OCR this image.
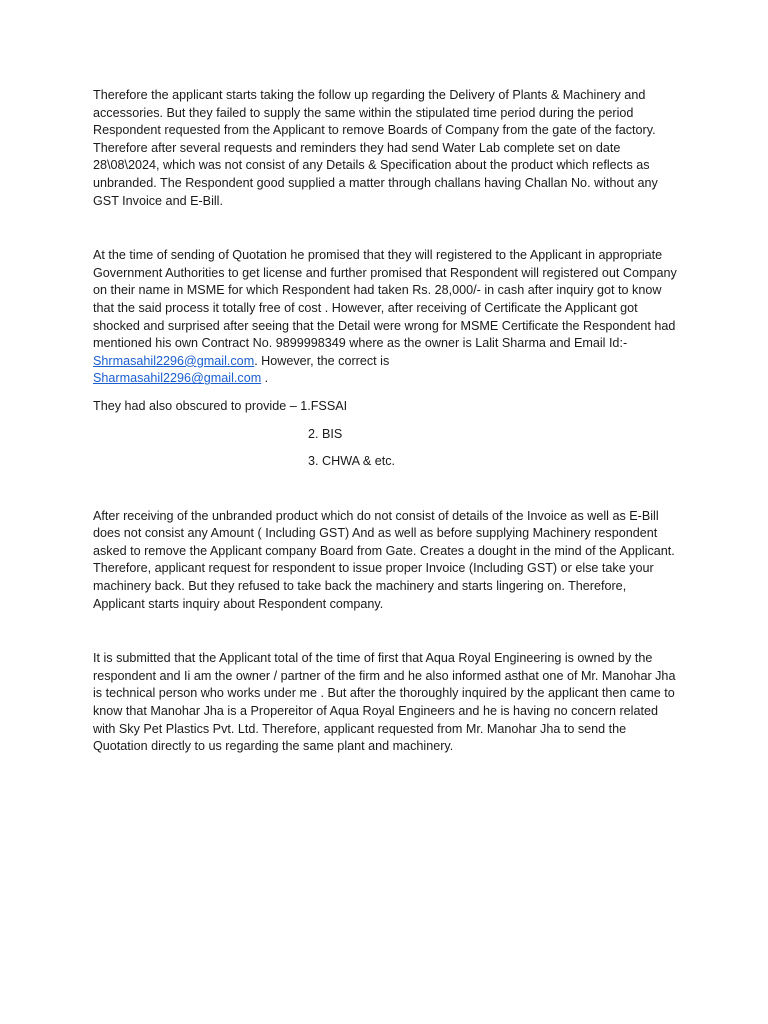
Therefore the applicant starts taking the follow up regarding the Delivery of Plants & Machinery and accessories. But they failed to supply the same within the stipulated time period during the period Respondent requested from the Applicant to remove Boards of Company from the gate of the factory. Therefore after several requests and reminders they had send Water Lab complete set on date 28\08\2024, which was not consist of any Details & Specification about the product which reflects as unbranded. The Respondent good supplied a matter through challans having Challan No. without any GST Invoice and E-Bill.

At the time of sending of Quotation he promised that they will registered to the Applicant in appropriate Government Authorities to get license and further promised that Respondent will registered out Company on their name in MSME for which Respondent had taken Rs. 28,000/- in cash after inquiry got to know that the said process it totally free of cost . However, after receiving of Certificate the Applicant got shocked and surprised after seeing that the Detail were wrong for MSME Certificate the Respondent had mentioned his own Contract No. 9899998349 where as the owner is Lalit Sharma and Email Id:- Shrmasahil2296@gmail.com. However, the correct is
Sharmasahil2296@gmail.com .

They had also obscured to provide – 1.FSSAI

2. BIS

3. CHWA & etc.

After receiving of the unbranded product which do not consist of details of the Invoice as well as E-Bill does not consist any Amount ( Including GST) And as well as before supplying Machinery respondent asked to remove the Applicant company Board from Gate. Creates a dought in the mind of the Applicant. Therefore, applicant request for respondent to issue proper Invoice (Including GST) or else take your machinery back. But they refused to take back the machinery and starts lingering on. Therefore, Applicant starts inquiry about Respondent company.

It is submitted that the Applicant total of the time of first that Aqua Royal Engineering is owned by the respondent and Ii am the owner / partner of the firm and he also informed asthat one of Mr. Manohar Jha is technical person who works under me . But after the thoroughly inquired by the applicant then came to know that Manohar Jha is a Propereitor of Aqua Royal Engineers and he is having no concern related with Sky Pet Plastics Pvt. Ltd. Therefore, applicant requested from Mr. Manohar Jha to send the Quotation directly to us regarding the same plant and machinery.
